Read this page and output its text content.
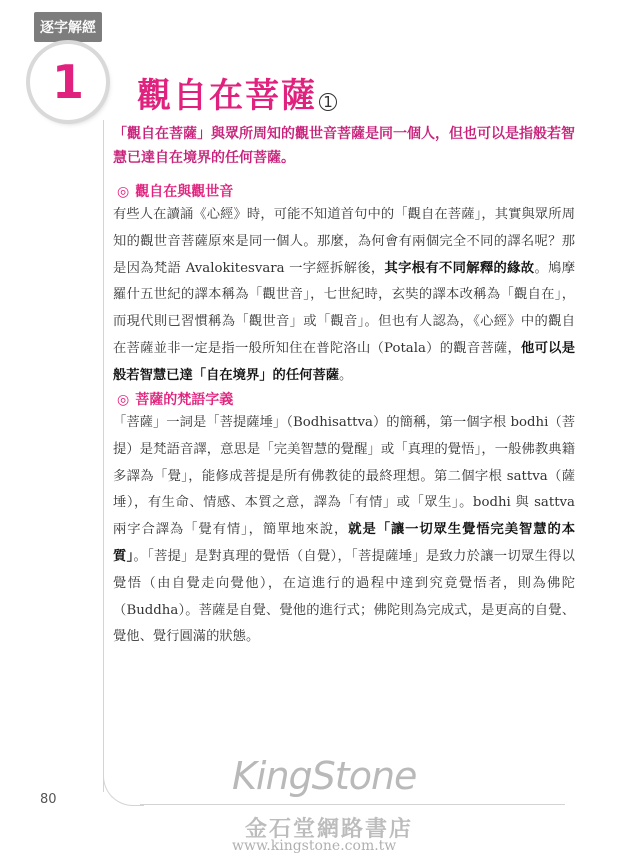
逐字解經
1
80
觀自在菩薩 1
「觀自在菩薩」與眾所周知的觀世音菩薩是同一個人，但也可以是指般若智慧已達自在境界的任何菩薩。
◎ 觀自在與觀世音
有些人在讀誦《心經》時，可能不知道首句中的「觀自在菩薩」，其實與眾所周知的觀世音菩薩原來是同一個人。那麼，為何會有兩個完全不同的譯名呢？那是因為梵語 Avalokitesvara 一字經拆解後，其字根有不同解釋的緣故。鳩摩羅什五世紀的譯本稱為「觀世音」，七世紀時，玄奘的譯本改稱為「觀自在」，而現代則已習慣稱為「觀世音」或「觀音」。但也有人認為，《心經》中的觀自在菩薩並非一定是指一般所知住在普陀洛山（Potala）的觀音菩薩，他可以是般若智慧已達「自在境界」的任何菩薩。
◎ 菩薩的梵語字義
「菩薩」一詞是「菩提薩埵」（Bodhisattva）的簡稱，第一個字根 bodhi（菩提）是梵語音譯，意思是「完美智慧的覺醒」或「真理的覺悟」，一般佛教典籍多譯為「覺」，能修成菩提是所有佛教徒的最終理想。第二個字根 sattva（薩埵），有生命、情感、本質之意，譯為「有情」或「眾生」。bodhi 與 sattva 兩字合譯為「覺有情」，簡單地來說，就是「讓一切眾生覺悟完美智慧的本質」。「菩提」是對真理的覺悟（自覺），「菩提薩埵」是致力於讓一切眾生得以覺悟（由自覺走向覺他），在這進行的過程中達到究竟覺悟者，則為佛陀（Buddha）。菩薩是自覺、覺他的進行式；佛陀則為完成式，是更高的自覺、覺他、覺行圓滿的狀態。
KingStone
金石堂網路書店
www.kingstone.com.tw
